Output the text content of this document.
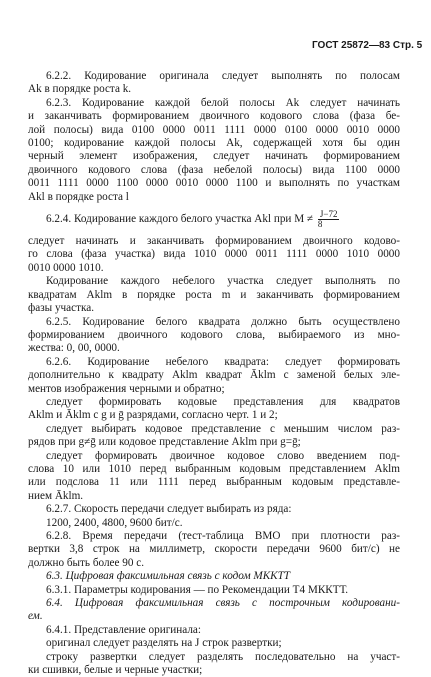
ГОСТ 25872—83 Стр. 5
6.2.2. Кодирование оригинала следует выполнять по полосам
Ak в порядке роста k.
6.2.3. Кодирование каждой белой полосы Ak следует начинать
и заканчивать формированием двоичного кодового слова (фаза бе-
лой полосы) вида 0100 0000 0011 1111 0000 0100 0000 0010 0000
0100; кодирование каждой полосы Ak, содержащей хотя бы один
черный элемент изображения, следует начинать формированием
двоичного кодового слова (фаза небелой полосы) вида 1100 0000
0011 1111 0000 1100 0000 0010 0000 1100 и выполнять по участкам
Akl в порядке роста l
6.2.4. Кодирование каждого белого участка Akl при $M \ne \frac{J-72}{8}$
следует начинать и заканчивать формированием двоичного кодово-
го слова (фаза участка) вида 1010 0000 0011 1111 0000 1010 0000
0010 0000 1010.
Кодирование каждого небелого участка следует выполнять по
квадратам Aklm в порядке роста m и заканчивать формированием
фазы участка.
6.2.5. Кодирование белого квадрата должно быть осуществлено
формированием двоичного кодового слова, выбираемого из мно-
жества: 0, 00, 0000.
6.2.6. Кодирование небелого квадрата: следует формировать
дополнительно к квадрату Aklm квадрат Āklm с заменой белых эле-
ментов изображения черными и обратно;
следует формировать кодовые представления для квадратов
Aklm и Āklm с g и ḡ разрядами, согласно черт. 1 и 2;
следует выбирать кодовое представление с меньшим числом раз-
рядов при g≠ḡ или кодовое представление Aklm при g=ḡ;
следует формировать двоичное кодовое слово введением под-
слова 10 или 1010 перед выбранным кодовым представлением Aklm
или подслова 11 или 1111 перед выбранным кодовым представле-
нием Āklm.
6.2.7. Скорость передачи следует выбирать из ряда:
1200, 2400, 4800, 9600 бит/с.
6.2.8. Время передачи (тест-таблица ВМО при плотности раз-
вертки 3,8 строк на миллиметр, скорости передачи 9600 бит/с) не
должно быть более 90 с.
6.3. Цифровая факсимильная связь с кодом МККТТ
6.3.1. Параметры кодирования — по Рекомендации Т4 МККТТ.
6.4. Цифровая факсимильная связь с построчным кодировани-
ем.
6.4.1. Представление оригинала:
оригинал следует разделять на J строк развертки;
строку развертки следует разделять последовательно на участ-
ки сшивки, белые и черные участки;
